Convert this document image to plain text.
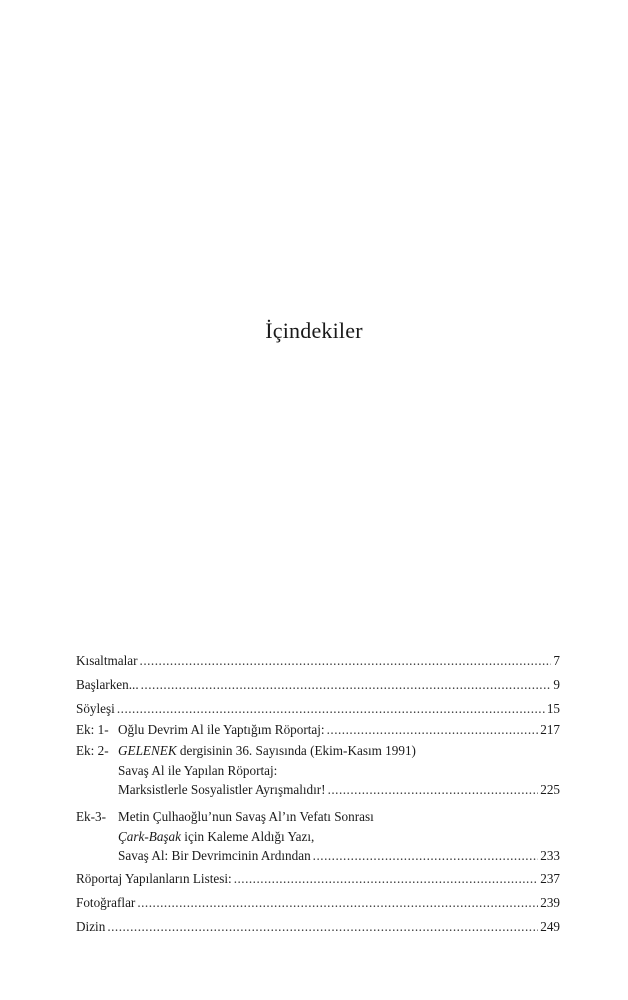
İçindekiler
Kısaltmalar .....	7
Başlarken... .....	9
Söyleşi .....	15
Ek: 1- Oğlu Devrim Al ile Yaptığım Röportaj: .....	217
Ek: 2- GELENEK dergisinin 36. Sayısında (Ekim-Kasım 1991)
Savaş Al ile Yapılan Röportaj:
Marksistlerle Sosyalistler Ayrışmalıdır! .....	225
Ek-3- Metin Çulhaoğlu’nun Savaş Al’ın Vefatı Sonrası
Çark-Başak için Kaleme Aldığı Yazı,
Savaş Al: Bir Devrimcinin Ardından .....	233
Röportaj Yapılanların Listesi: .....	237
Fotoğraflar .....	239
Dizin .....	249
